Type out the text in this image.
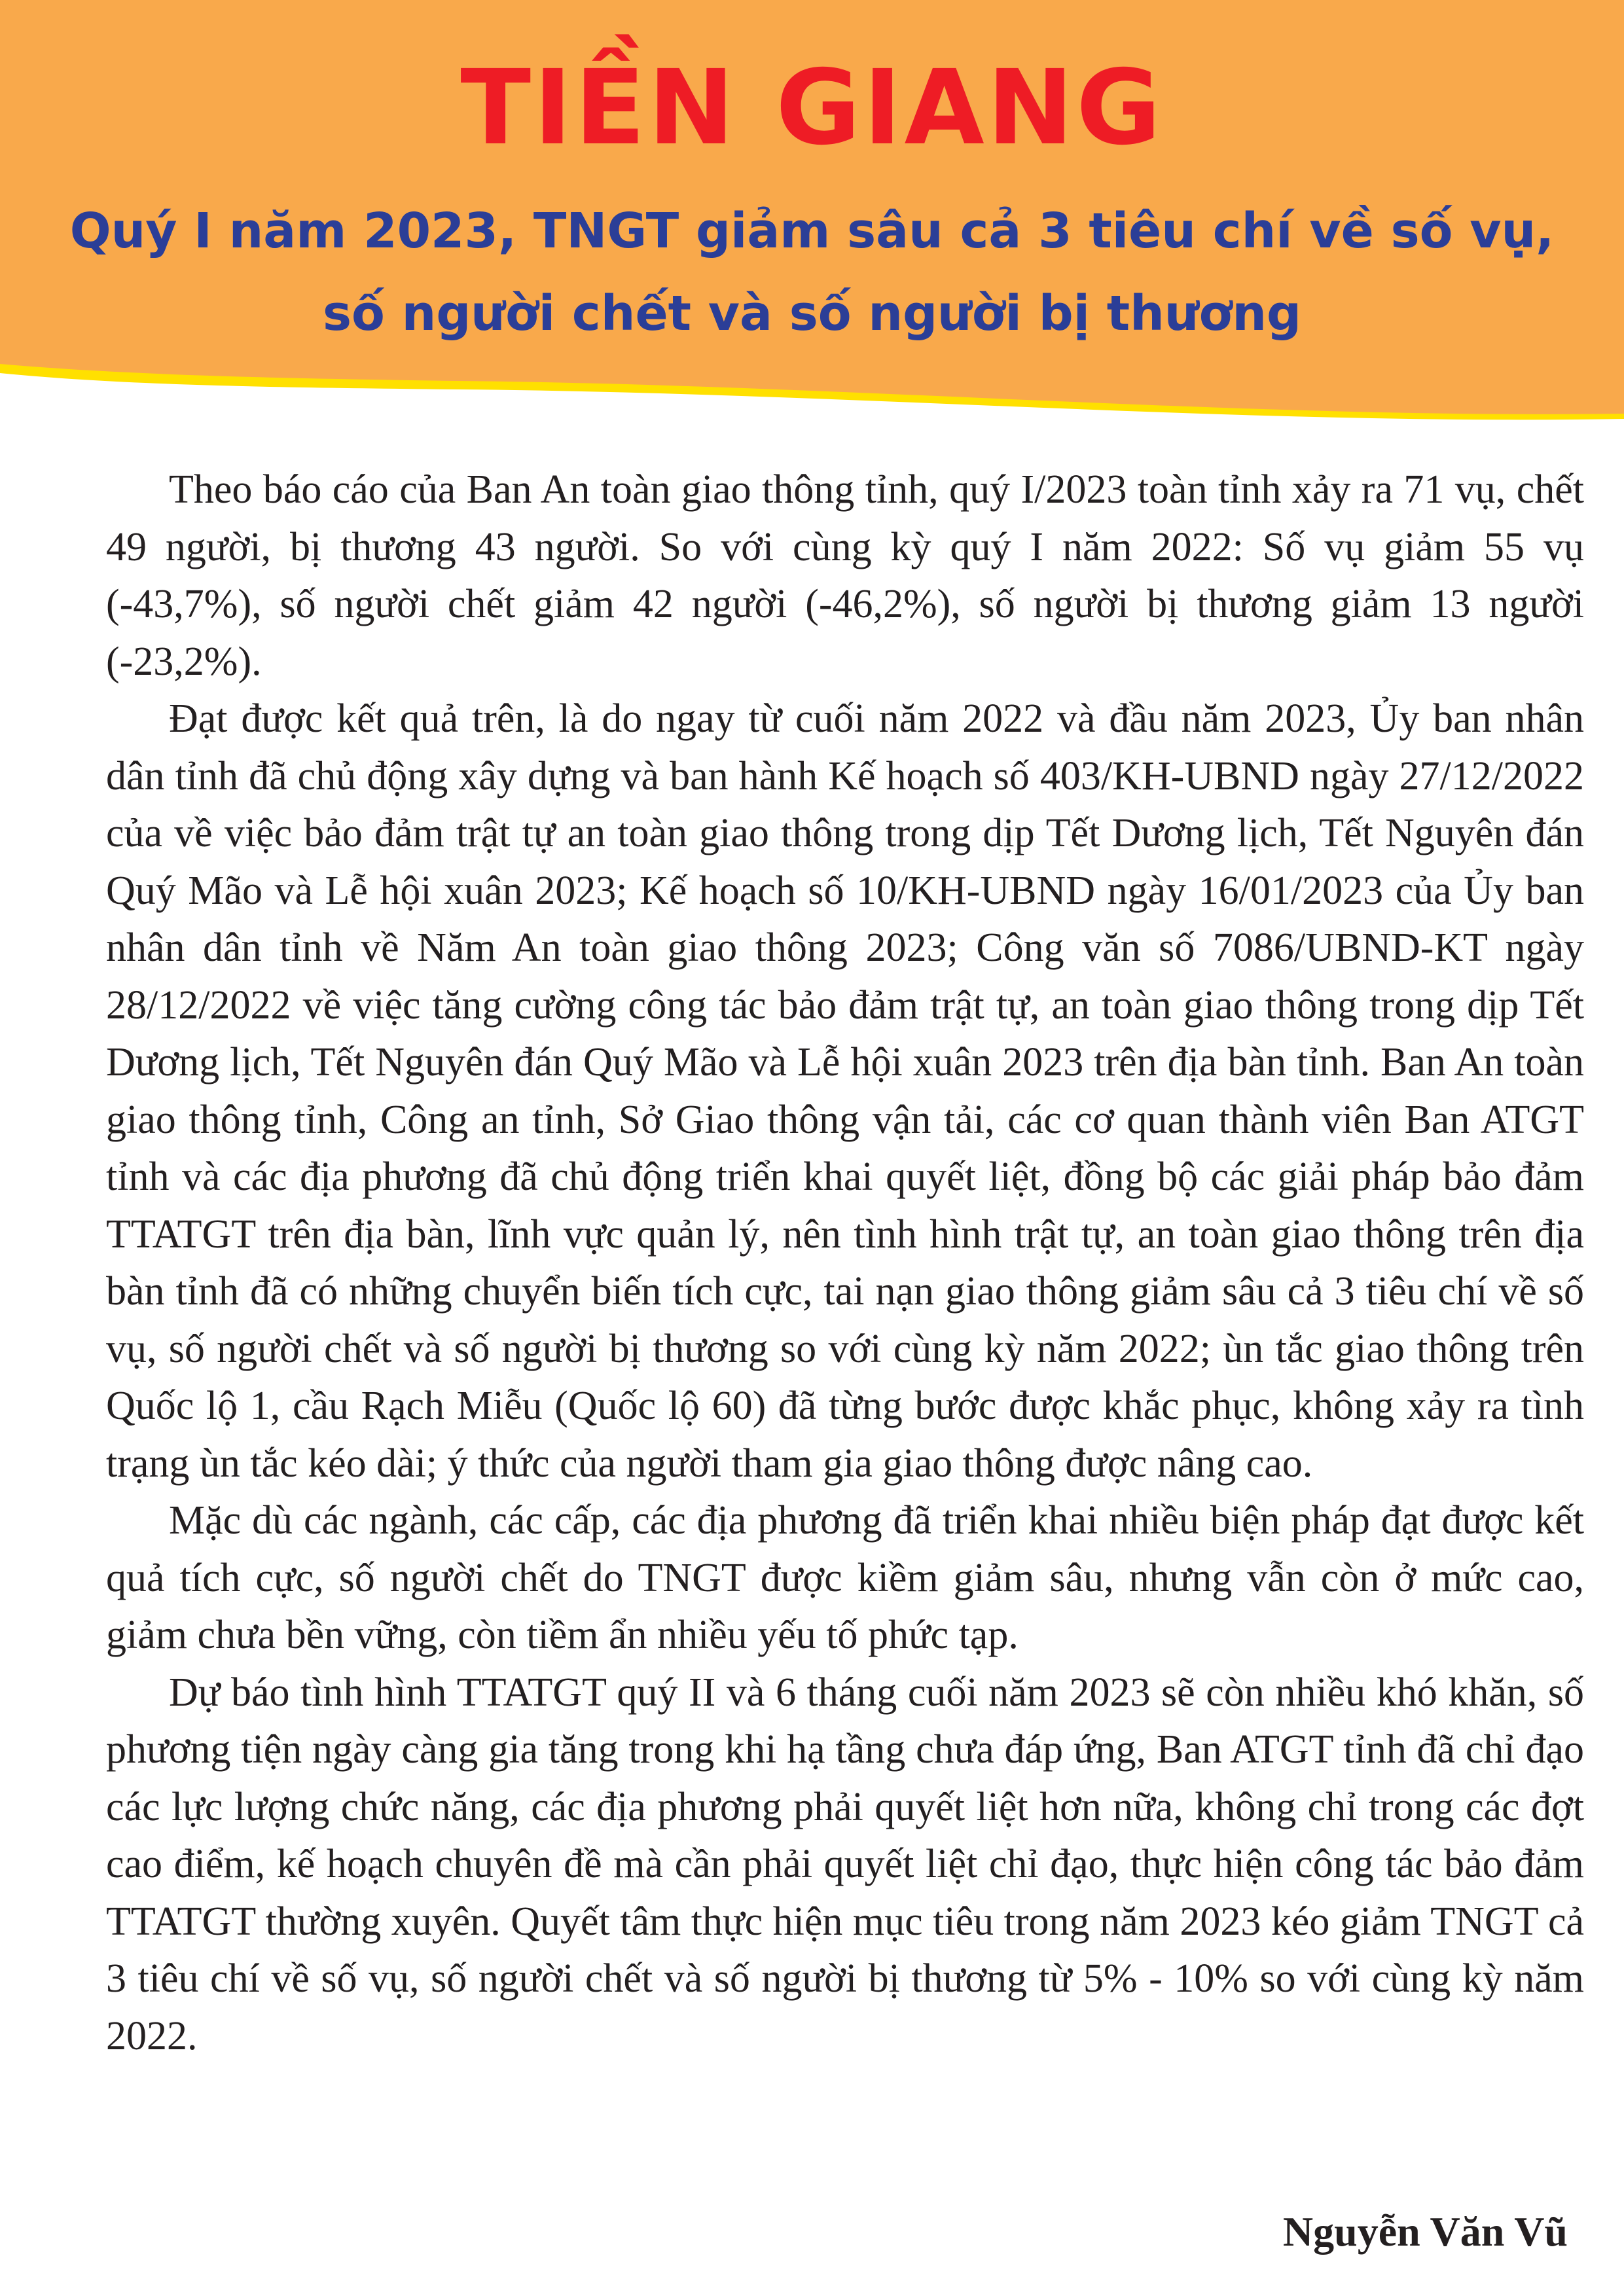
TIỀN GIANG
Quý I năm 2023, TNGT giảm sâu cả 3 tiêu chí về số vụ,
số người chết và số người bị thương

Theo báo cáo của Ban An toàn giao thông tỉnh, quý I/2023 toàn tỉnh xảy ra 71 vụ, chết 49 người, bị thương 43 người. So với cùng kỳ quý I năm 2022: Số vụ giảm 55 vụ (-43,7%), số người chết giảm 42 người (-46,2%), số người bị thương giảm 13 người (-23,2%).

Đạt được kết quả trên, là do ngay từ cuối năm 2022 và đầu năm 2023, Ủy ban nhân dân tỉnh đã chủ động xây dựng và ban hành Kế hoạch số 403/KH-UBND ngày 27/12/2022 của về việc bảo đảm trật tự an toàn giao thông trong dịp Tết Dương lịch, Tết Nguyên đán Quý Mão và Lễ hội xuân 2023; Kế hoạch số 10/KH-UBND ngày 16/01/2023 của Ủy ban nhân dân tỉnh về Năm An toàn giao thông 2023; Công văn số 7086/UBND-KT ngày 28/12/2022 về việc tăng cường công tác bảo đảm trật tự, an toàn giao thông trong dịp Tết Dương lịch, Tết Nguyên đán Quý Mão và Lễ hội xuân 2023 trên địa bàn tỉnh. Ban An toàn giao thông tỉnh, Công an tỉnh, Sở Giao thông vận tải, các cơ quan thành viên Ban ATGT tỉnh và các địa phương đã chủ động triển khai quyết liệt, đồng bộ các giải pháp bảo đảm TTATGT trên địa bàn, lĩnh vực quản lý, nên tình hình trật tự, an toàn giao thông trên địa bàn tỉnh đã có những chuyển biến tích cực, tai nạn giao thông giảm sâu cả 3 tiêu chí về số vụ, số người chết và số người bị thương so với cùng kỳ năm 2022; ùn tắc giao thông trên Quốc lộ 1, cầu Rạch Miễu (Quốc lộ 60) đã từng bước được khắc phục, không xảy ra tình trạng ùn tắc kéo dài; ý thức của người tham gia giao thông được nâng cao.

Mặc dù các ngành, các cấp, các địa phương đã triển khai nhiều biện pháp đạt được kết quả tích cực, số người chết do TNGT được kiềm giảm sâu, nhưng vẫn còn ở mức cao, giảm chưa bền vững, còn tiềm ẩn nhiều yếu tố phức tạp.

Dự báo tình hình TTATGT quý II và 6 tháng cuối năm 2023 sẽ còn nhiều khó khăn, số phương tiện ngày càng gia tăng trong khi hạ tầng chưa đáp ứng, Ban ATGT tỉnh đã chỉ đạo các lực lượng chức năng, các địa phương phải quyết liệt hơn nữa, không chỉ trong các đợt cao điểm, kế hoạch chuyên đề mà cần phải quyết liệt chỉ đạo, thực hiện công tác bảo đảm TTATGT thường xuyên. Quyết tâm thực hiện mục tiêu trong năm 2023 kéo giảm TNGT cả 3 tiêu chí về số vụ, số người chết và số người bị thương từ 5% - 10% so với cùng kỳ năm 2022.

Nguyễn Văn Vũ
